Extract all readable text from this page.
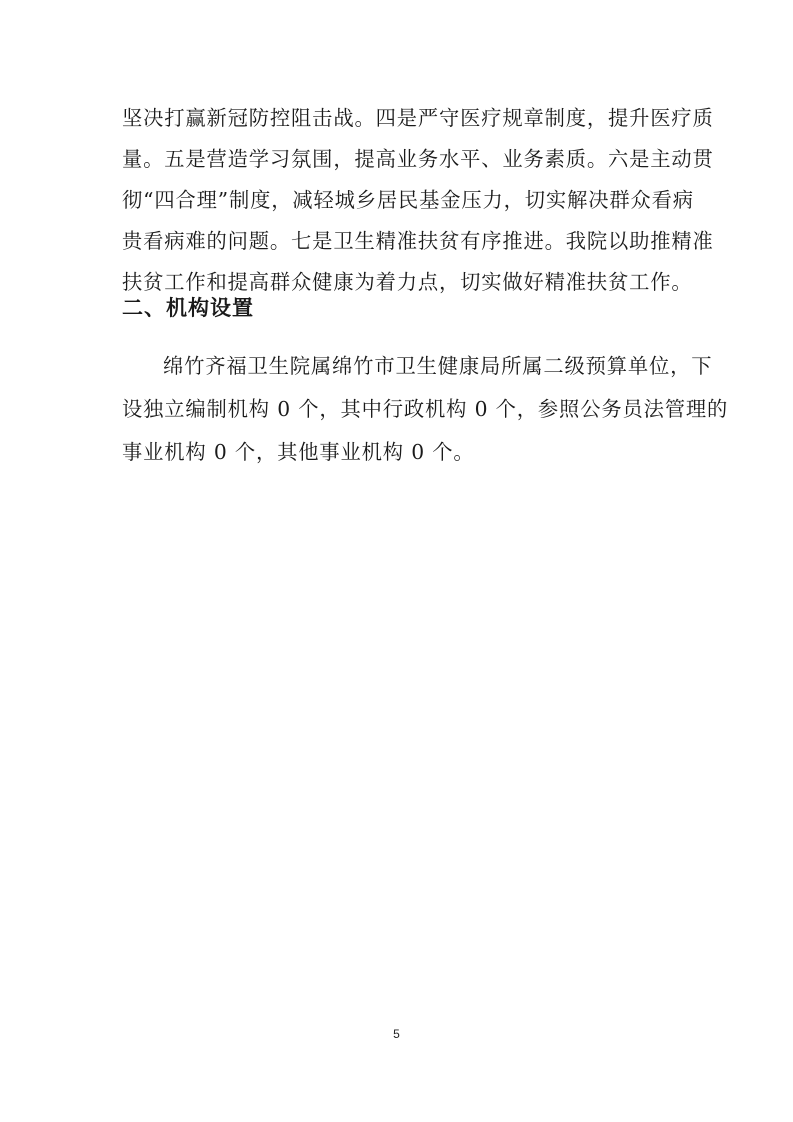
坚决打赢新冠防控阻击战。四是严守医疗规章制度，提升医疗质
量。五是营造学习氛围，提高业务水平、业务素质。六是主动贯
彻“四合理”制度，减轻城乡居民基金压力，切实解决群众看病
贵看病难的问题。七是卫生精准扶贫有序推进。我院以助推精准
扶贫工作和提高群众健康为着力点，切实做好精准扶贫工作。
二、机构设置
绵竹齐福卫生院属绵竹市卫生健康局所属二级预算单位，下
设独立编制机构 0 个，其中行政机构 0 个，参照公务员法管理的
事业机构 0 个，其他事业机构 0 个。
5
